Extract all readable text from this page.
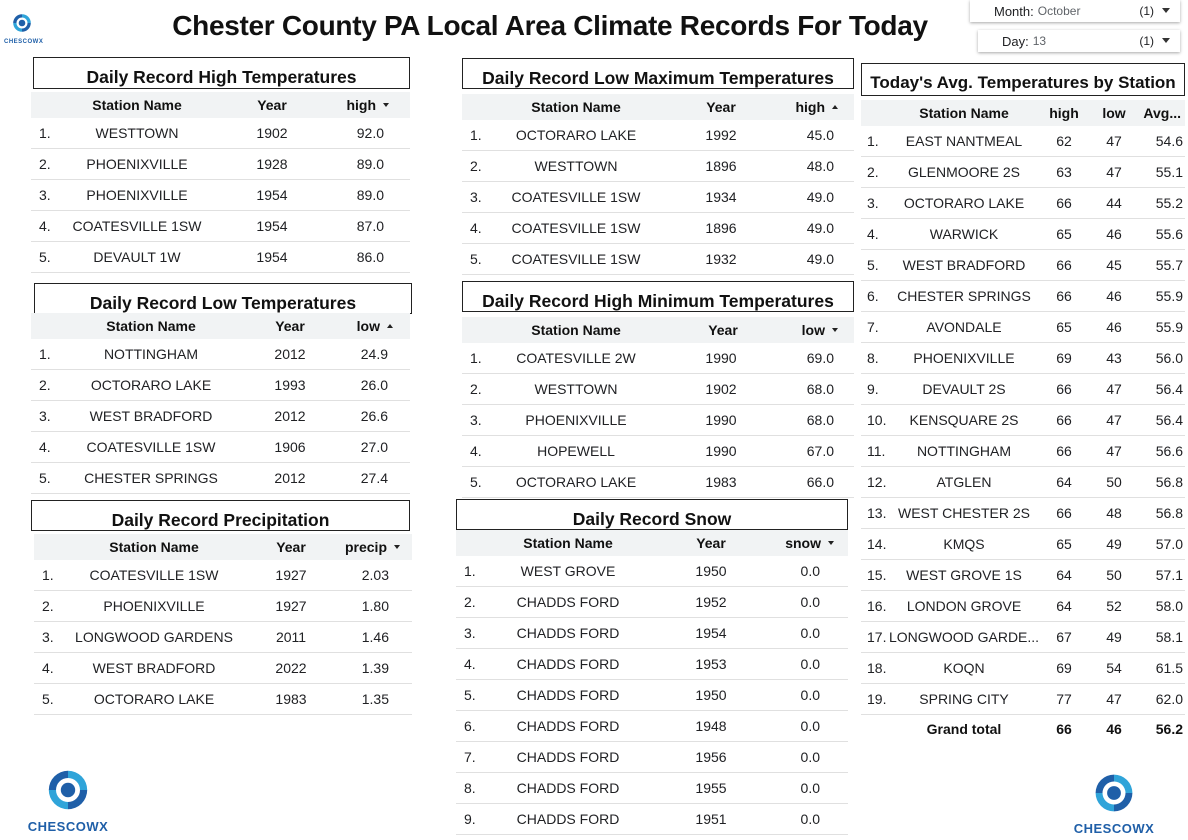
CHESCOWX
Chester County PA Local Area Climate Records For Today	Month: October	(1)
Day: 13	(1)
Daily Record High Temperatures
Station Name	Year	high
1.	WESTTOWN	1902	92.0
2.	PHOENIXVILLE	1928	89.0
3.	PHOENIXVILLE	1954	89.0
4.	COATESVILLE 1SW	1954	87.0
5.	DEVAULT 1W	1954	86.0
Daily Record Low Temperatures
Station Name	Year	low
1.	NOTTINGHAM	2012	24.9
2.	OCTORARO LAKE	1993	26.0
3.	WEST BRADFORD	2012	26.6
4.	COATESVILLE 1SW	1906	27.0
5.	CHESTER SPRINGS	2012	27.4
Daily Record Precipitation
Station Name	Year	precip
1.	COATESVILLE 1SW	1927	2.03
2.	PHOENIXVILLE	1927	1.80
3.	LONGWOOD GARDENS	2011	1.46
4.	WEST BRADFORD	2022	1.39
5.	OCTORARO LAKE	1983	1.35
Daily Record Low Maximum Temperatures
Station Name	Year	high
1.	OCTORARO LAKE	1992	45.0
2.	WESTTOWN	1896	48.0
3.	COATESVILLE 1SW	1934	49.0
4.	COATESVILLE 1SW	1896	49.0
5.	COATESVILLE 1SW	1932	49.0
Daily Record High Minimum Temperatures
Station Name	Year	low
1.	COATESVILLE 2W	1990	69.0
2.	WESTTOWN	1902	68.0
3.	PHOENIXVILLE	1990	68.0
4.	HOPEWELL	1990	67.0
5.	OCTORARO LAKE	1983	66.0
Daily Record Snow
Station Name	Year	snow
1.	WEST GROVE	1950	0.0
2.	CHADDS FORD	1952	0.0
3.	CHADDS FORD	1954	0.0
4.	CHADDS FORD	1953	0.0
5.	CHADDS FORD	1950	0.0
6.	CHADDS FORD	1948	0.0
7.	CHADDS FORD	1956	0.0
8.	CHADDS FORD	1955	0.0
9.	CHADDS FORD	1951	0.0
Today's Avg. Temperatures by Station
Station Name	high	low	Avg...
1.	EAST NANTMEAL	62	47	54.6
2.	GLENMOORE 2S	63	47	55.1
3.	OCTORARO LAKE	66	44	55.2
4.	WARWICK	65	46	55.6
5.	WEST BRADFORD	66	45	55.7
6.	CHESTER SPRINGS	66	46	55.9
7.	AVONDALE	65	46	55.9
8.	PHOENIXVILLE	69	43	56.0
9.	DEVAULT 2S	66	47	56.4
10.	KENSQUARE 2S	66	47	56.4
11.	NOTTINGHAM	66	47	56.6
12.	ATGLEN	64	50	56.8
13. WEST CHESTER 2S	66	48	56.8
14.	KMQS	65	49	57.0
15.	WEST GROVE 1S	64	50	57.1
16.	LONDON GROVE	64	52	58.0
17. LONGWOOD GARDE...	67	49	58.1
18.	KOQN	69	54	61.5
19.	SPRING CITY	77	47	62.0
Grand total	66	46	56.2
CHESCOWX	CHESCOWX
